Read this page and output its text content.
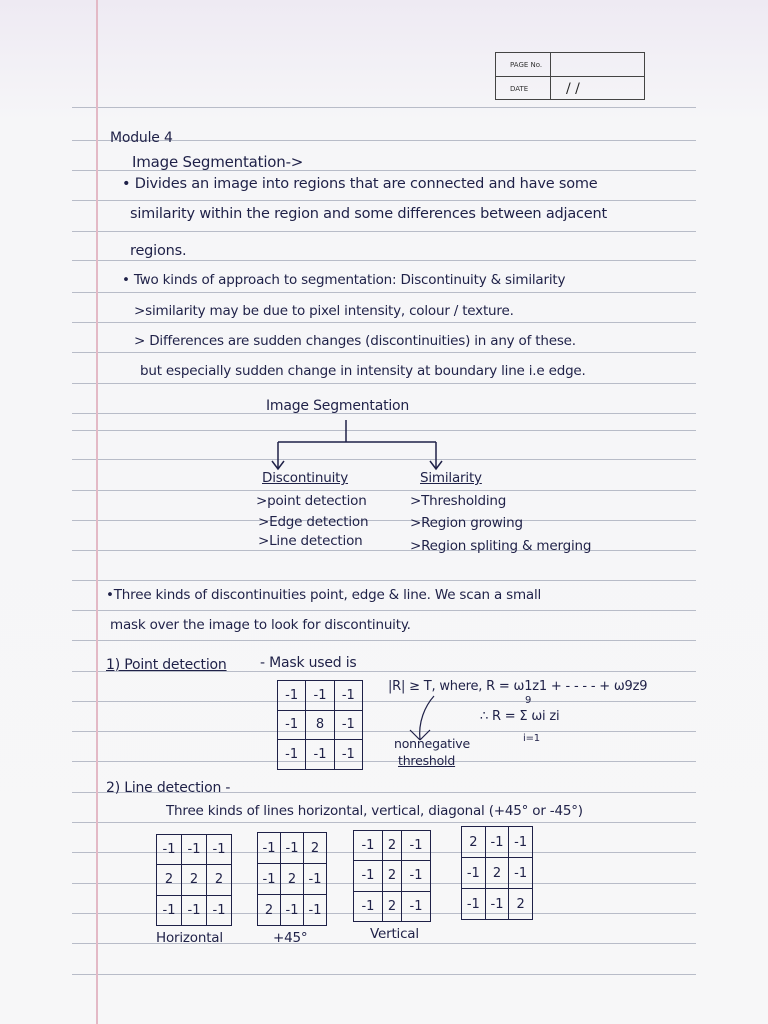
PAGE No.
DATE	/ /
Module 4
Image Segmentation->
• Divides an image into regions that are connected and have some
similarity within the region and some differences between adjacent
regions.
• Two kinds of approach to segmentation: Discontinuity & similarity
>similarity may be due to pixel intensity, colour / texture.
> Differences are sudden changes (discontinuities) in any of these.
but especially sudden change in intensity at boundary line i.e edge.
Image Segmentation
Discontinuity
>point detection
>Edge detection
>Line detection
Similarity
>Thresholding
>Region growing
>Region spliting & merging
•Three kinds of discontinuities point, edge & line. We scan a small
mask over the image to look for discontinuity.
1) Point detection - Mask used is
-1	-1	-1
-1	8	-1
-1	-1	-1
|R| ≥ T, where, R = ω1z1 + - - - - + ω9z9
9
∴ R = Σ ωi zi
i=1
nonnegative
threshold
2) Line detection -
Three kinds of lines horizontal, vertical, diagonal (+45° or -45°)
-1	-1	-1
2	2	2
-1	-1	-1
-1	-1	2
-1	2	-1
2	-1	-1
-1	2	-1
-1	2	-1
-1	2	-1
2	-1	-1
-1	2	-1
-1	-1	2
Horizontal	+45°	Vertical
